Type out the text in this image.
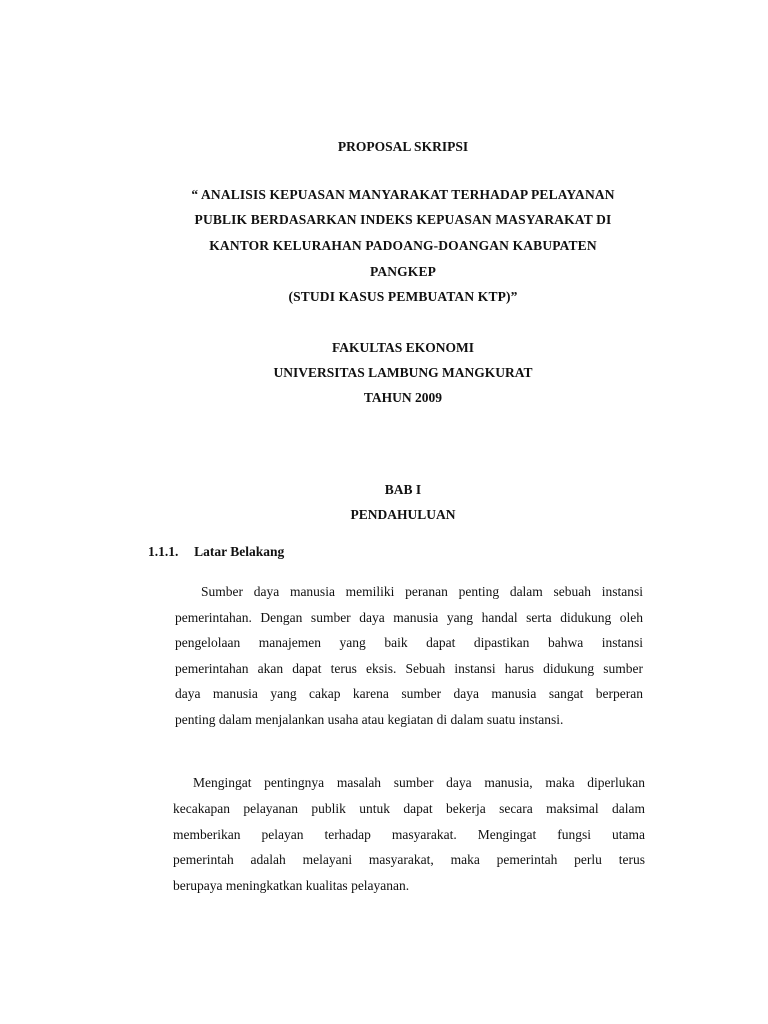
PROPOSAL SKRIPSI
“ ANALISIS KEPUASAN MANYARAKAT TERHADAP PELAYANAN
PUBLIK BERDASARKAN INDEKS KEPUASAN MASYARAKAT DI
KANTOR KELURAHAN PADOANG-DOANGAN KABUPATEN
PANGKEP
(STUDI KASUS PEMBUATAN KTP)”
FAKULTAS EKONOMI
UNIVERSITAS LAMBUNG MANGKURAT
TAHUN 2009
BAB I
PENDAHULUAN
1.1.1. Latar Belakang
Sumber daya manusia memiliki peranan penting dalam sebuah instansi
pemerintahan. Dengan sumber daya manusia yang handal serta didukung oleh
pengelolaan manajemen yang baik dapat dipastikan bahwa instansi
pemerintahan akan dapat terus eksis. Sebuah instansi harus didukung sumber
daya manusia yang cakap karena sumber daya manusia sangat berperan
penting dalam menjalankan usaha atau kegiatan di dalam suatu instansi.
Mengingat pentingnya masalah sumber daya manusia, maka diperlukan
kecakapan pelayanan publik untuk dapat bekerja secara maksimal dalam
memberikan pelayan terhadap masyarakat. Mengingat fungsi utama
pemerintah adalah melayani masyarakat, maka pemerintah perlu terus
berupaya meningkatkan kualitas pelayanan.
